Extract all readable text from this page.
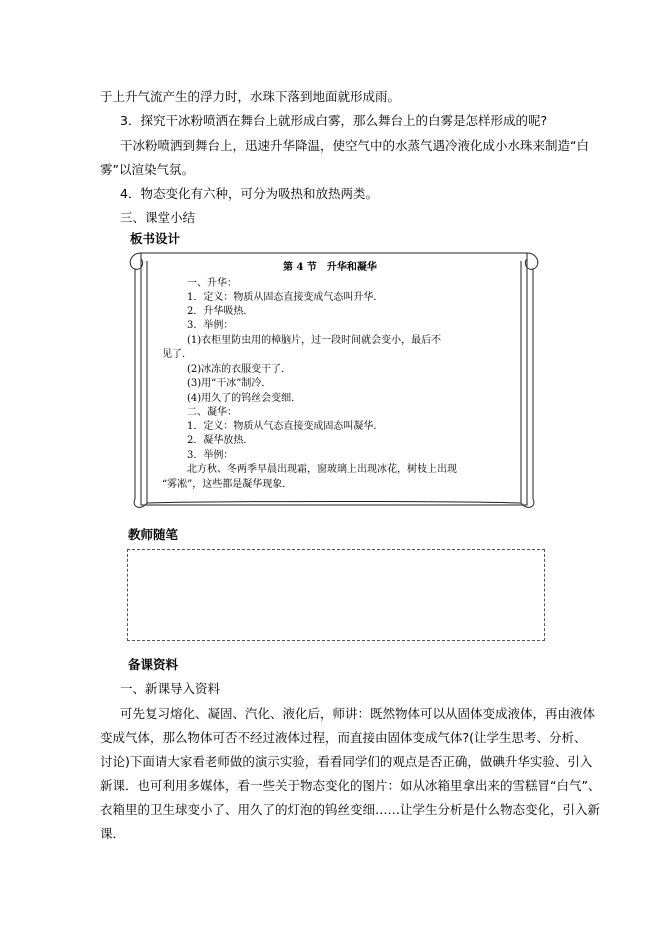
于上升气流产生的浮力时，水珠下落到地面就形成雨。
3．探究干冰粉喷洒在舞台上就形成白雾，那么舞台上的白雾是怎样形成的呢?
干冰粉喷洒到舞台上，迅速升华降温，使空气中的水蒸气遇冷液化成小水珠来制造“白
雾”以渲染气氛。
4．物态变化有六种，可分为吸热和放热两类。
三、课堂小结
板书设计
第 4 节　升华和凝华
一、升华：
1．定义：物质从固态直接变成气态叫升华．
2．升华吸热．
3．举例：
(1)衣柜里防虫用的樟脑片，过一段时间就会变小，最后不
见了．
(2)冰冻的衣服变干了．
(3)用“干冰”制冷．
(4)用久了的钨丝会变细．
二、凝华：
1．定义：物质从气态直接变成固态叫凝华．
2．凝华放热．
3．举例：
北方秋、冬两季早晨出现霜，窗玻璃上出现冰花，树枝上出现
“雾凇”，这些都是凝华现象．
教师随笔
备课资料
一、新课导入资料
可先复习熔化、凝固、汽化、液化后，师讲：既然物体可以从固体变成液体，再由液体
变成气体，那么物体可否不经过液体过程，而直接由固体变成气体?(让学生思考、分析、
讨论)下面请大家看老师做的演示实验，看看同学们的观点是否正确，做碘升华实验、引入
新课．也可利用多媒体，看一些关于物态变化的图片：如从冰箱里拿出来的雪糕冒“白气”、
衣箱里的卫生球变小了、用久了的灯泡的钨丝变细……让学生分析是什么物态变化，引入新
课．
